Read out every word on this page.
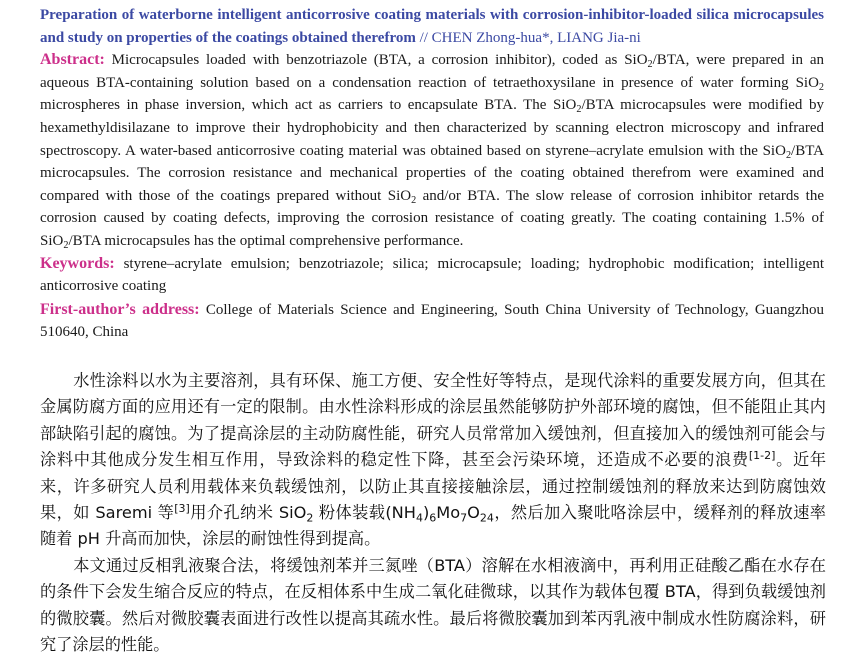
Preparation of waterborne intelligent anticorrosive coating materials with corrosion-inhibitor-loaded silica microcapsules and study on properties of the coatings obtained therefrom // CHEN Zhong-hua*, LIANG Jia-ni

Abstract: Microcapsules loaded with benzotriazole (BTA, a corrosion inhibitor), coded as SiO$_2$/BTA, were prepared in an aqueous BTA-containing solution based on a condensation reaction of tetraethoxysilane in presence of water forming SiO$_2$ microspheres in phase inversion, which act as carriers to encapsulate BTA. The SiO$_2$/BTA microcapsules were modified by hexamethyldisilazane to improve their hydrophobicity and then characterized by scanning electron microscopy and infrared spectroscopy. A water-based anticorrosive coating material was obtained based on styrene–acrylate emulsion with the SiO$_2$/BTA microcapsules. The corrosion resistance and mechanical properties of the coating obtained therefrom were examined and compared with those of the coatings prepared without SiO$_2$ and/or BTA. The slow release of corrosion inhibitor retards the corrosion caused by coating defects, improving the corrosion resistance of coating greatly. The coating containing 1.5% of SiO$_2$/BTA microcapsules has the optimal comprehensive performance.

Keywords: styrene–acrylate emulsion; benzotriazole; silica; microcapsule; loading; hydrophobic modification; intelligent anticorrosive coating

First-author’s address: College of Materials Science and Engineering, South China University of Technology, Guangzhou 510640, China

水性涂料以水为主要溶剂，具有环保、施工方便、安全性好等特点，是现代涂料的重要发展方向，但其在金属防腐方面的应用还有一定的限制。由水性涂料形成的涂层虽然能够防护外部环境的腐蚀，但不能阻止其内部缺陷引起的腐蚀。为了提高涂层的主动防腐性能，研究人员常常加入缓蚀剂，但直接加入的缓蚀剂可能会与涂料中其他成分发生相互作用，导致涂料的稳定性下降，甚至会污染环境，还造成不必要的浪费[1-2]。近年来，许多研究人员利用载体来负载缓蚀剂，以防止其直接接触涂层，通过控制缓蚀剂的释放来达到防腐蚀效果，如 Saremi 等[3]用介孔纳米 SiO$_2$ 粉体装载$(NH_4)_6Mo_7O_{24}$，然后加入聚吡咯涂层中，缓释剂的释放速率随着 pH 升高而加快，涂层的耐蚀性得到提高。

本文通过反相乳液聚合法，将缓蚀剂苯并三氮唑（BTA）溶解在水相液滴中，再利用正硅酸乙酯在水存在的条件下会发生缩合反应的特点，在反相体系中生成二氧化硅微球，以其作为载体包覆 BTA，得到负载缓蚀剂的微胶囊。然后对微胶囊表面进行改性以提高其疏水性。最后将微胶囊加到苯丙乳液中制成水性防腐涂料，研究了涂层的性能。
